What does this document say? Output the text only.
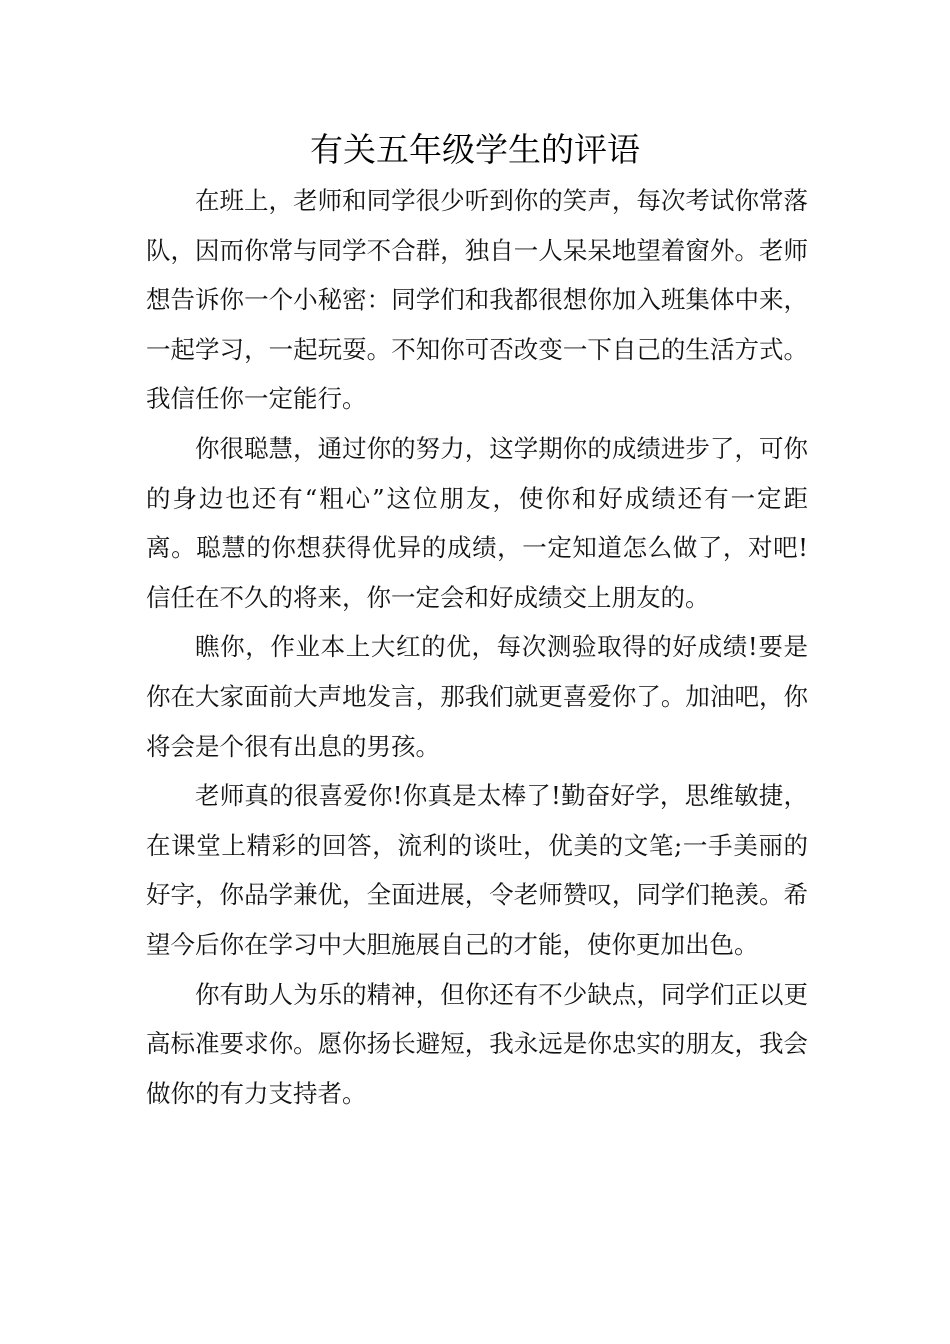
有关五年级学生的评语

在班上，老师和同学很少听到你的笑声，每次考试你常落队，因而你常与同学不合群，独自一人呆呆地望着窗外。老师想告诉你一个小秘密：同学们和我都很想你加入班集体中来，一起学习，一起玩耍。不知你可否改变一下自己的生活方式。我信任你一定能行。

你很聪慧，通过你的努力，这学期你的成绩进步了，可你的身边也还有“粗心”这位朋友，使你和好成绩还有一定距离。聪慧的你想获得优异的成绩，一定知道怎么做了，对吧!信任在不久的将来，你一定会和好成绩交上朋友的。

瞧你，作业本上大红的优，每次测验取得的好成绩!要是你在大家面前大声地发言，那我们就更喜爱你了。加油吧，你将会是个很有出息的男孩。

老师真的很喜爱你!你真是太棒了!勤奋好学，思维敏捷，在课堂上精彩的回答，流利的谈吐，优美的文笔;一手美丽的好字，你品学兼优，全面进展，令老师赞叹，同学们艳羡。希望今后你在学习中大胆施展自己的才能，使你更加出色。

你有助人为乐的精神，但你还有不少缺点，同学们正以更高标准要求你。愿你扬长避短，我永远是你忠实的朋友，我会做你的有力支持者。
